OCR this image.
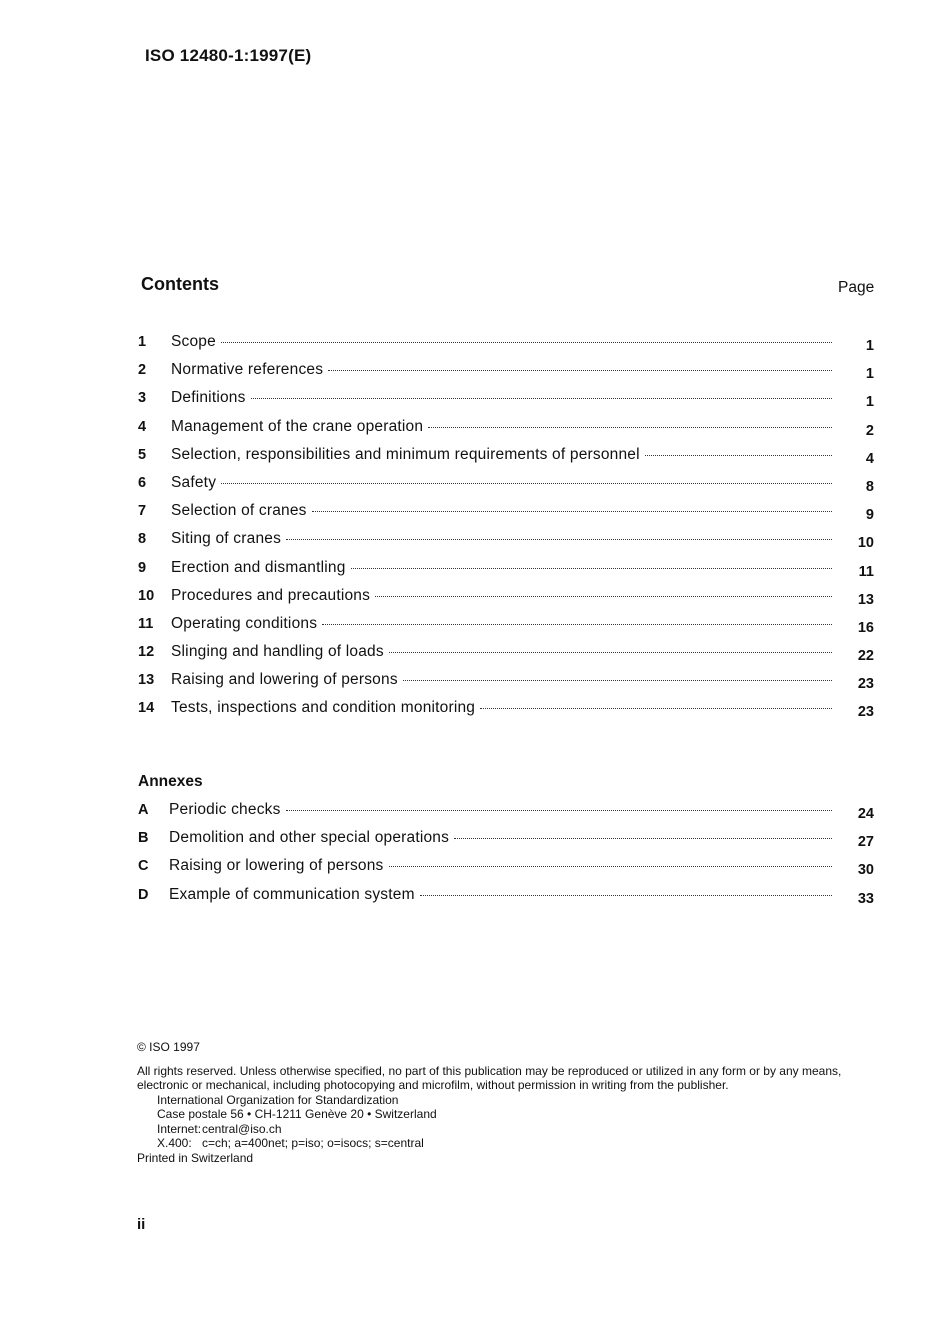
ISO 12480-1:1997(E)
Contents	Page
1	Scope	1
2	Normative references	1
3	Definitions	1
4	Management of the crane operation	2
5	Selection, responsibilities and minimum requirements of personnel	4
6	Safety	8
7	Selection of cranes	9
8	Siting of cranes	10
9	Erection and dismantling	11
10	Procedures and precautions	13
11	Operating conditions	16
12	Slinging and handling of loads	22
13	Raising and lowering of persons	23
14	Tests, inspections and condition monitoring	23
Annexes
A	Periodic checks	24
B	Demolition and other special operations	27
C	Raising or lowering of persons	30
D	Example of communication system	33
© ISO 1997
All rights reserved. Unless otherwise specified, no part of this publication may be reproduced or utilized in any form or by any means,
electronic or mechanical, including photocopying and microfilm, without permission in writing from the publisher.
International Organization for Standardization
Case postale 56 • CH-1211 Genève 20 • Switzerland
Internet: central@iso.ch
X.400: c=ch; a=400net; p=iso; o=isocs; s=central
Printed in Switzerland
ii
